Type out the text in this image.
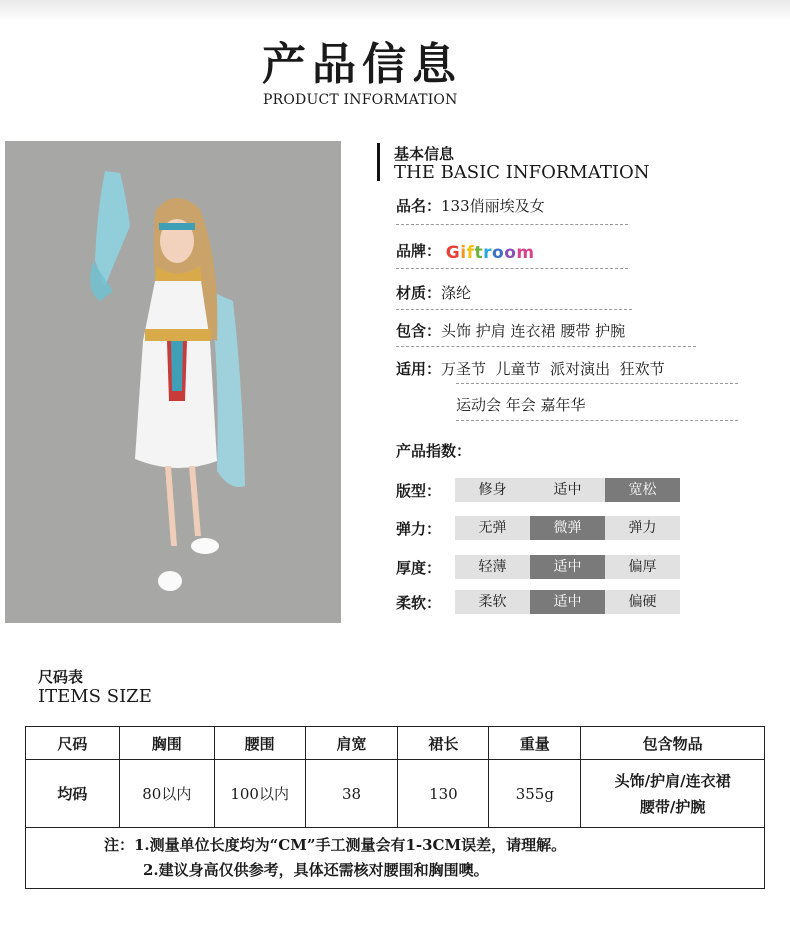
产品信息
PRODUCT INFORMATION
基本信息
THE BASIC INFORMATION
品名：133俏丽埃及女
品牌： Giftroom
材质：涤纶
包含：头饰 护肩 连衣裙 腰带 护腕
适用：万圣节  儿童节  派对演出  狂欢节
运动会 年会 嘉年华
产品指数：
版型：	修身	适中	宽松
弹力：	无弹	微弹	弹力
厚度：	轻薄	适中	偏厚
柔软：	柔软	适中	偏硬
尺码表
ITEMS SIZE
尺码	胸围	腰围	肩宽	裙长	重量	包含物品
均码	80以内	100以内	38	130	355g	头饰/护肩/连衣裙
腰带/护腕

注：1.测量单位长度均为“CM”手工测量会有1-3CM误差，请理解。
2.建议身高仅供参考，具体还需核对腰围和胸围噢。						
